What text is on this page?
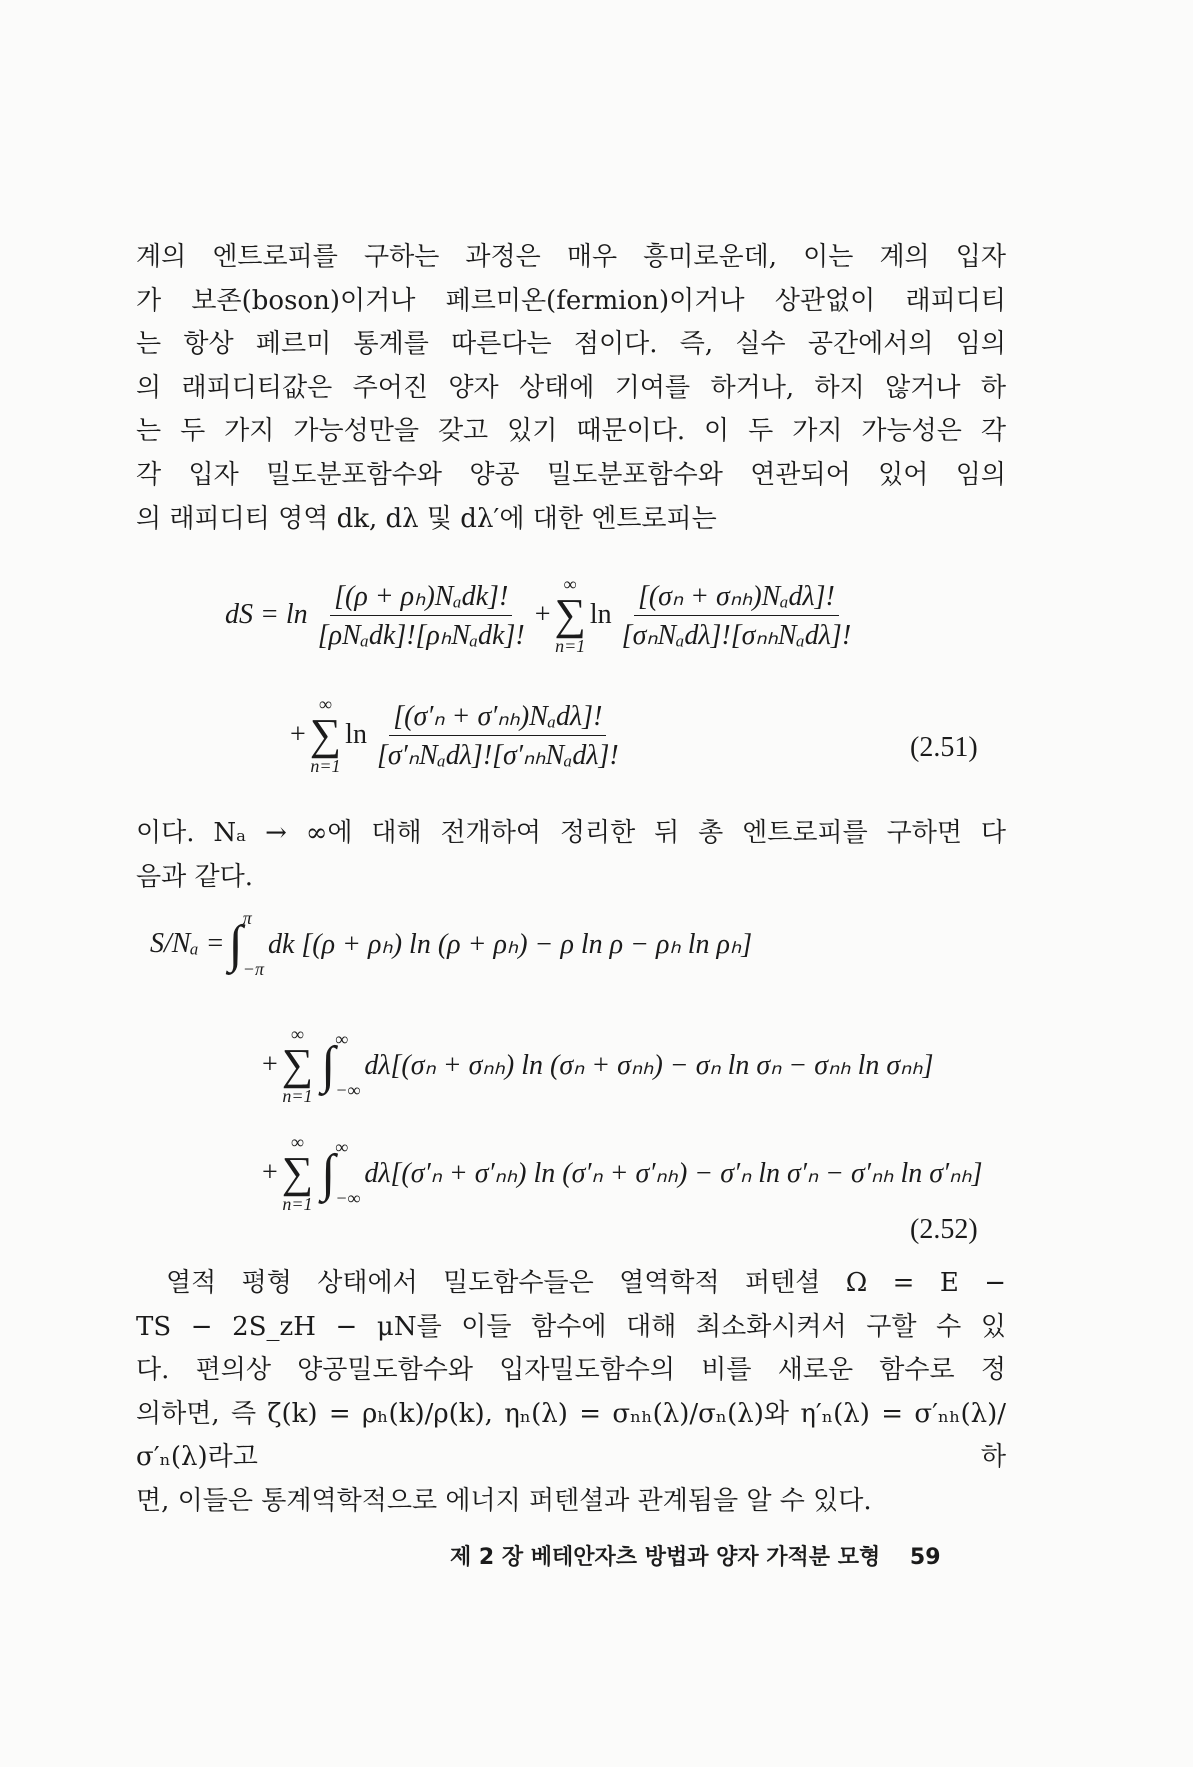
계의 엔트로피를 구하는 과정은 매우 흥미로운데, 이는 계의 입자
가 보존(boson)이거나 페르미온(fermion)이거나 상관없이 래피디티
는 항상 페르미 통계를 따른다는 점이다. 즉, 실수 공간에서의 임의
의 래피디티값은 주어진 양자 상태에 기여를 하거나, 하지 않거나 하
는 두 가지 가능성만을 갖고 있기 때문이다. 이 두 가지 가능성은 각
각 입자 밀도분포함수와 양공 밀도분포함수와 연관되어 있어 임의
의 래피디티 영역 dk, dλ 및 dλ′에 대한 엔트로피는
dS = $\ln \frac{\text{[(ρ + ρₕ)Nₐdk]!}}{\text{[ρNₐdk]![ρₕNₐdk]!}}$ +
∞
∑
n=1
$\ln \frac{\text{[(σₙ + σₙₕ)Nₐdλ]!}}{\text{[σₙNₐdλ]![σₙₕNₐdλ]!}}$
+
∞
∑
n=1
$\ln \frac{\text{[(σ′ₙ + σ′ₙₕ)Nₐdλ]!}}{\text{[σ′ₙNₐdλ]![σ′ₙₕNₐdλ]!}}$	(2.51)
이다. Nₐ → ∞에 대해 전개하여 정리한 뒤 총 엔트로피를 구하면 다
음과 같다.
S/Nₐ = ∫ π
−π
dk [(ρ + ρₕ) ln (ρ + ρₕ) − ρ ln ρ − ρₕ ln ρₕ]
+
∞
∑
n=1
∫ ∞
−∞
dλ[(σₙ + σₙₕ) ln (σₙ + σₙₕ) − σₙ ln σₙ − σₙₕ ln σₙₕ]
+
∞
∑
n=1
∫ ∞
−∞
dλ[(σ′ₙ + σ′ₙₕ) ln (σ′ₙ + σ′ₙₕ) − σ′ₙ ln σ′ₙ − σ′ₙₕ ln σ′ₙₕ]
(2.52)
열적 평형 상태에서 밀도함수들은 열역학적 퍼텐셜 Ω = E −
TS − 2S_zH − μN를 이들 함수에 대해 최소화시켜서 구할 수 있
다. 편의상 양공밀도함수와 입자밀도함수의 비를 새로운 함수로 정
의하면, 즉 ζ(k) = ρₕ(k)/ρ(k), ηₙ(λ) = σₙₕ(λ)/σₙ(λ)와 η′ₙ(λ) = σ′ₙₕ(λ)/σ′ₙ(λ)라고 하
면, 이들은 통계역학적으로 에너지 퍼텐셜과 관계됨을 알 수 있다.
제 2 장 베테안자츠 방법과 양자 가적분 모형 59
